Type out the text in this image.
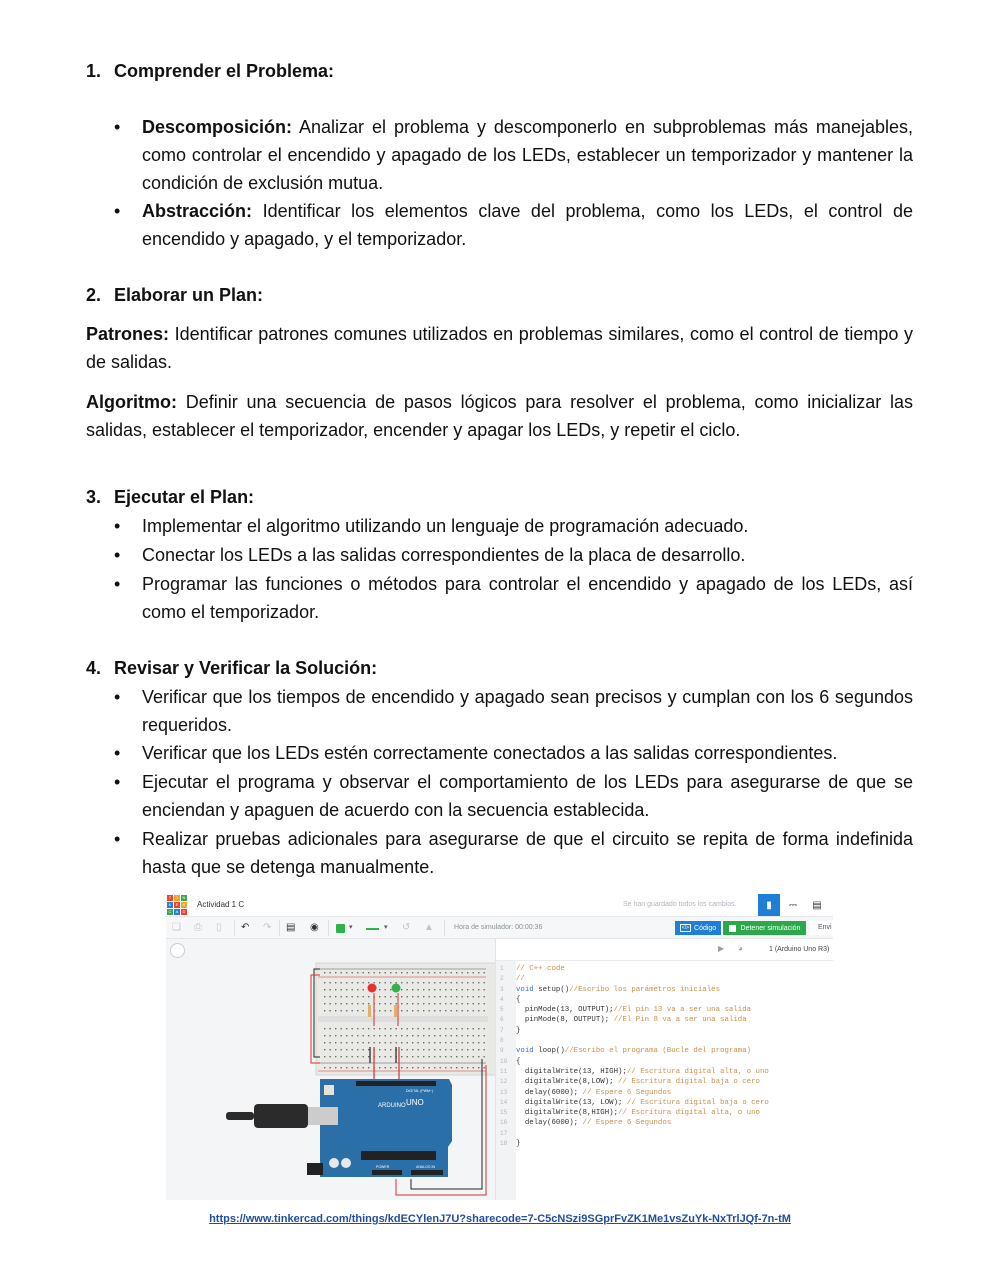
1. Comprender el Problema:
• Descomposición: Analizar el problema y descomponerlo en subproblemas más manejables, como controlar el encendido y apagado de los LEDs, establecer un temporizador y mantener la condición de exclusión mutua.
• Abstracción: Identificar los elementos clave del problema, como los LEDs, el control de encendido y apagado, y el temporizador.
2. Elaborar un Plan:
Patrones: Identificar patrones comunes utilizados en problemas similares, como el control de tiempo y de salidas.
Algoritmo: Definir una secuencia de pasos lógicos para resolver el problema, como inicializar las salidas, establecer el temporizador, encender y apagar los LEDs, y repetir el ciclo.
3. Ejecutar el Plan:
• Implementar el algoritmo utilizando un lenguaje de programación adecuado.
• Conectar los LEDs a las salidas correspondientes de la placa de desarrollo.
• Programar las funciones o métodos para controlar el encendido y apagado de los LEDs, así como el temporizador.
4. Revisar y Verificar la Solución:
• Verificar que los tiempos de encendido y apagado sean precisos y cumplan con los 6 segundos requeridos.
• Verificar que los LEDs estén correctamente conectados a las salidas correspondientes.
• Ejecutar el programa y observar el comportamiento de los LEDs para asegurarse de que se enciendan y apaguen de acuerdo con la secuencia establecida.
• Realizar pruebas adicionales para asegurarse de que el circuito se repita de forma indefinida hasta que se detenga manualmente.
T	I	N
K	E	R
C	A	D
Actividad 1 C	Se han guardado todos los cambios.	▮ ⎓ ▤
❏ ⎙ ▯ ↶ ↷ ▤ ◉	▾	▾ ↺ ▲	Hora de simulador: 00:00:36	</> Código	Detener simulación	Envi
ARDUINO UNO
DIGITAL (PWM~)
POWER	ANALOG IN
▶ ◕	1 (Arduino Uno R3)
1 // C++ code
2 //
3 void setup()//Escribo los parámetros iniciales
4 {
5  pinMode(13, OUTPUT);//El pin 13 va a ser una salida
6  pinMode(8, OUTPUT); //El Pin 8 va a ser una salida
7 }
8
9 void loop()//Escribo el programa (Bucle del programa)
10 {
11  digitalWrite(13, HIGH);// Escritura digital alta, o uno
12  digitalWrite(8,LOW); // Escritura digital baja o cero
13  delay(6000); // Espere 6 Segundos
14  digitalWrite(13, LOW); // Escritura digital baja o cero
15  digitalWrite(8,HIGH);// Escritura digital alta, o uno
16  delay(6000); // Espere 6 Segundos
17
18 }
https://www.tinkercad.com/things/kdECYlenJ7U?sharecode=7-C5cNSzi9SGprFvZK1Me1vsZuYk-NxTrlJQf-7n-tM
